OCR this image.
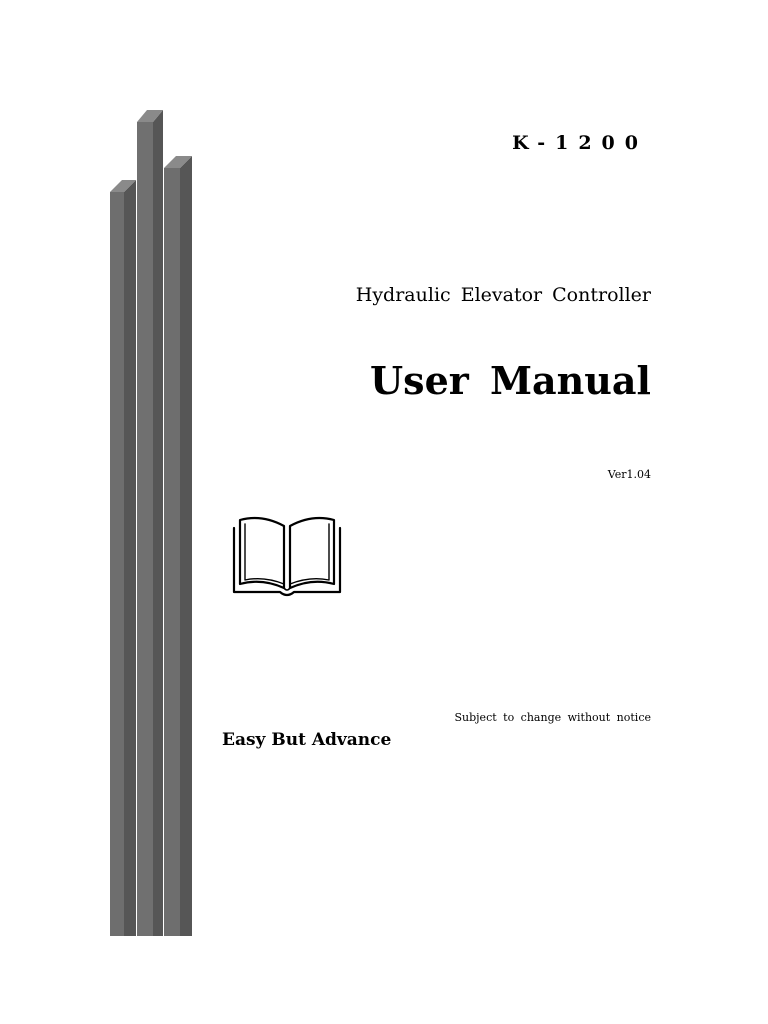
K-1200
Hydraulic Elevator Controller
User Manual
Ver1.04
Subject to change without notice
Easy But Advance
